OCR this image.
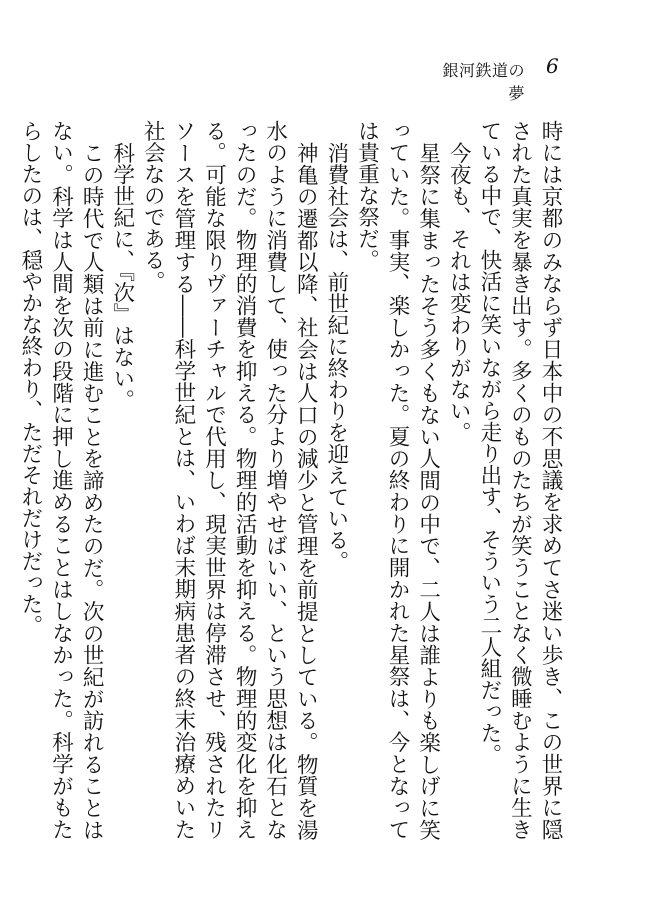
銀河鉄道の夢
6

時には京都のみならず日本中の不思議を求めてさ迷い歩き、この世界に隠された真実を暴き出す。多くのものたちが笑うことなく微睡むように生きている中で、快活に笑いながら走り出す、そういう二人組だった。

今夜も、それは変わりがない。

星祭に集まったそう多くもない人間の中で、二人は誰よりも楽しげに笑っていた。事実、楽しかった。夏の終わりに開かれた星祭は、今となっては貴重な祭だ。

消費社会は、前世紀に終わりを迎えている。

神亀の遷都以降、社会は人口の減少と管理を前提としている。物質を湯水のように消費して、使った分より増やせばいい、という思想は化石となったのだ。物理的消費を抑える。物理的活動を抑える。物理的変化を抑える。可能な限りヴァーチャルで代用し、現実世界は停滞させ、残されたリソースを管理する――科学世紀とは、いわば末期病患者の終末治療めいた社会なのである。

科学世紀に、『次』はない。

この時代で人類は前に進むことを諦めたのだ。次の世紀が訪れることはない。科学は人間を次の段階に押し進めることはしなかった。科学がもたらしたのは、穏やかな終わり、ただそれだけだった。
